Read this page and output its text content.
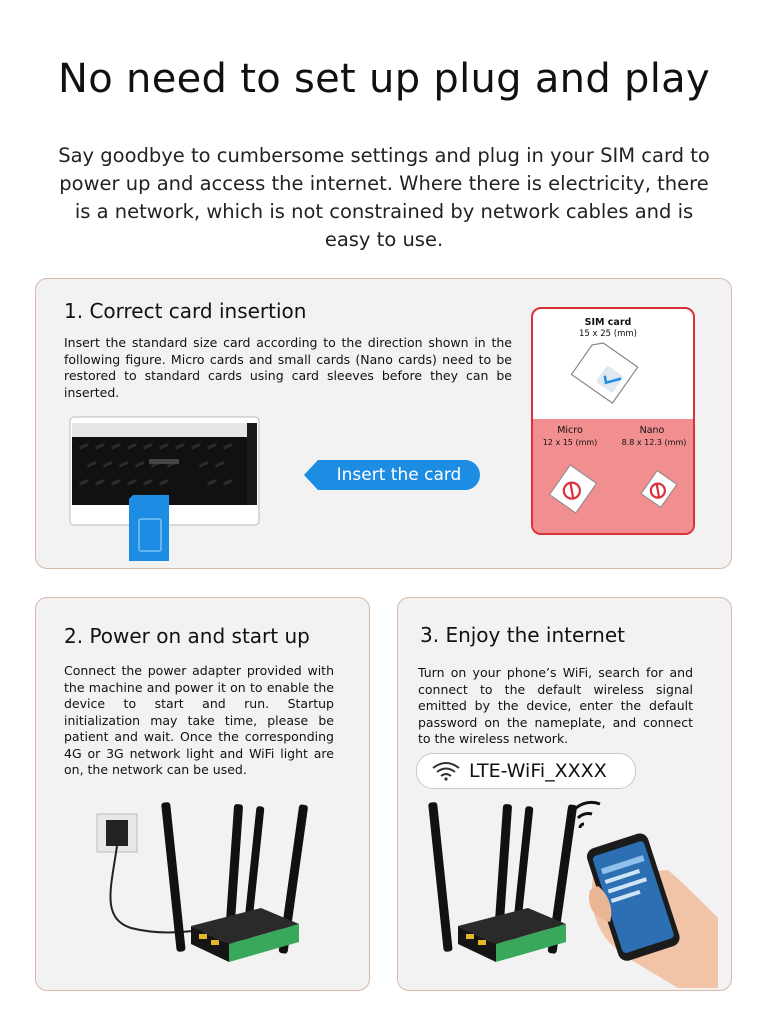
No need to set up plug and play
Say goodbye to cumbersome settings and plug in your SIM card to power up and access the internet. Where there is electricity, there is a network, which is not constrained by network cables and is easy to use.
1. Correct card insertion
Insert the standard size card according to the direction shown in the following figure. Micro cards and small cards (Nano cards) need to be restored to standard cards using card sleeves before they can be inserted.
Insert the card
SIM card
15 x 25 (mm)
Micro
12 x 15 (mm)
Nano
8.8 x 12.3 (mm)
2. Power on and start up
Connect the power adapter provided with the machine and power it on to enable the device to start and run. Startup initialization may take time, please be patient and wait. Once the corresponding 4G or 3G network light and WiFi light are on, the network can be used.
3. Enjoy the internet
Turn on your phone’s WiFi, search for and connect to the default wireless signal emitted by the device, enter the default password on the nameplate, and connect to the wireless network.
LTE-WiFi_XXXX
